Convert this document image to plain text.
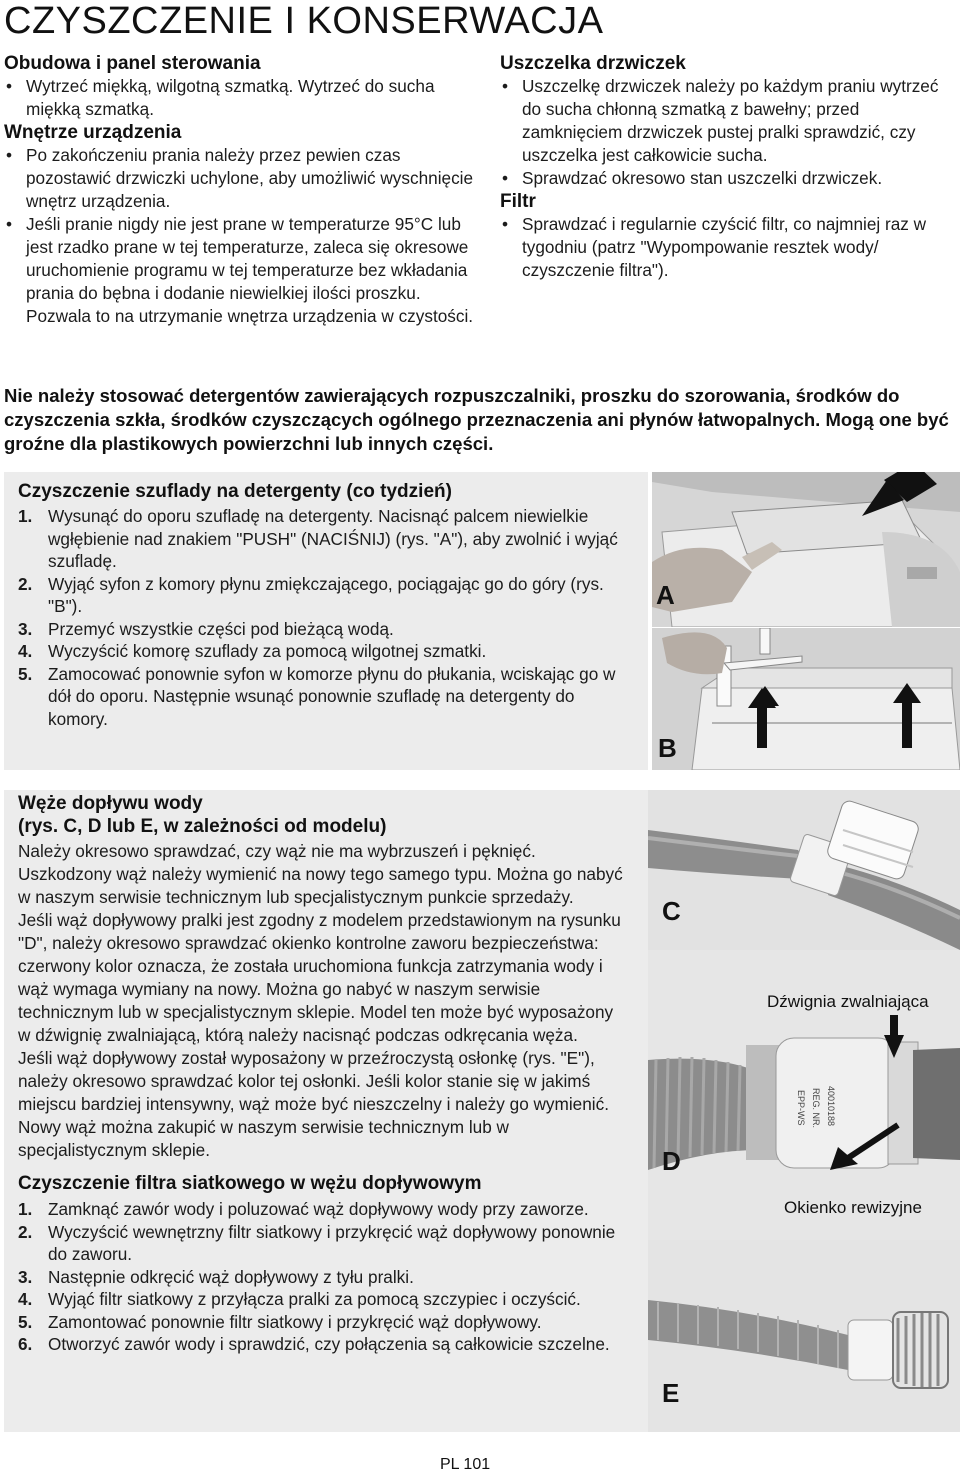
CZYSZCZENIE I KONSERWACJA
Obudowa i panel sterowania
• Wytrzeć miękką, wilgotną szmatką. Wytrzeć do sucha miękką szmatką.
Wnętrze urządzenia
• Po zakończeniu prania należy przez pewien czas pozostawić drzwiczki uchylone, aby umożliwić wyschnięcie wnętrz urządzenia.
• Jeśli pranie nigdy nie jest prane w temperaturze 95°C lub jest rzadko prane w tej temperaturze, zaleca się okresowe uruchomienie programu w tej temperaturze bez wkładania prania do bębna i dodanie niewielkiej ilości proszku. Pozwala to na utrzymanie wnętrza urządzenia w czystości.
Uszczelka drzwiczek
• Uszczelkę drzwiczek należy po każdym praniu wytrzeć do sucha chłonną szmatką z bawełny; przed zamknięciem drzwiczek pustej pralki sprawdzić, czy uszczelka jest całkowicie sucha.
• Sprawdzać okresowo stan uszczelki drzwiczek.
Filtr
• Sprawdzać i regularnie czyścić filtr, co najmniej raz w tygodniu (patrz "Wypompowanie resztek wody/ czyszczenie filtra").
Nie należy stosować detergentów zawierających rozpuszczalniki, proszku do szorowania, środków do czyszczenia szkła, środków czyszczących ogólnego przeznaczenia ani płynów łatwopalnych. Mogą one być groźne dla plastikowych powierzchni lub innych części.
Czyszczenie szuflady na detergenty (co tydzień)
1. Wysunąć do oporu szufladę na detergenty. Nacisnąć palcem niewielkie wgłębienie nad znakiem "PUSH" (NACIŚNIJ) (rys. "A"), aby zwolnić i wyjąć szufladę.
2. Wyjąć syfon z komory płynu zmiękczającego, pociągając go do góry (rys. "B").
3. Przemyć wszystkie części pod bieżącą wodą.
4. Wyczyścić komorę szuflady za pomocą wilgotnej szmatki.
5. Zamocować ponownie syfon w komorze płynu do płukania, wciskając go w dół do oporu. Następnie wsunąć ponownie szufladę na detergenty do komory.
Węże dopływu wody
(rys. C, D lub E, w zależności od modelu)
Należy okresowo sprawdzać, czy wąż nie ma wybrzuszeń i pęknięć. Uszkodzony wąż należy wymienić na nowy tego samego typu. Można go nabyć w naszym serwisie technicznym lub specjalistycznym punkcie sprzedaży.
Jeśli wąż dopływowy pralki jest zgodny z modelem przedstawionym na rysunku "D", należy okresowo sprawdzać okienko kontrolne zaworu bezpieczeństwa: czerwony kolor oznacza, że została uruchomiona funkcja zatrzymania wody i wąż wymaga wymiany na nowy. Można go nabyć w naszym serwisie technicznym lub w specjalistycznym sklepie. Model ten może być wyposażony w dźwignię zwalniającą, którą należy nacisnąć podczas odkręcania węża.
Jeśli wąż dopływowy został wyposażony w przeźroczystą osłonkę (rys. "E"), należy okresowo sprawdzać kolor tej osłonki. Jeśli kolor stanie się w jakimś miejscu bardziej intensywny, wąż może być nieszczelny i należy go wymienić. Nowy wąż można zakupić w naszym serwisie technicznym lub w specjalistycznym sklepie.
Czyszczenie filtra siatkowego w wężu dopływowym
1. Zamknąć zawór wody i poluzować wąż dopływowy wody przy zaworze.
2. Wyczyścić wewnętrzny filtr siatkowy i przykręcić wąż dopływowy ponownie do zaworu.
3. Następnie odkręcić wąż dopływowy z tyłu pralki.
4. Wyjąć filtr siatkowy z przyłącza pralki za pomocą szczypiec i oczyścić.
5. Zamontować ponownie filtr siatkowy i przykręcić wąż dopływowy.
6. Otworzyć zawór wody i sprawdzić, czy połączenia są całkowicie szczelne.
A
B
C
EPP-WS REG. NR. 40010188
Dźwignia zwalniająca
Okienko rewizyjne
D
E
PL 101
